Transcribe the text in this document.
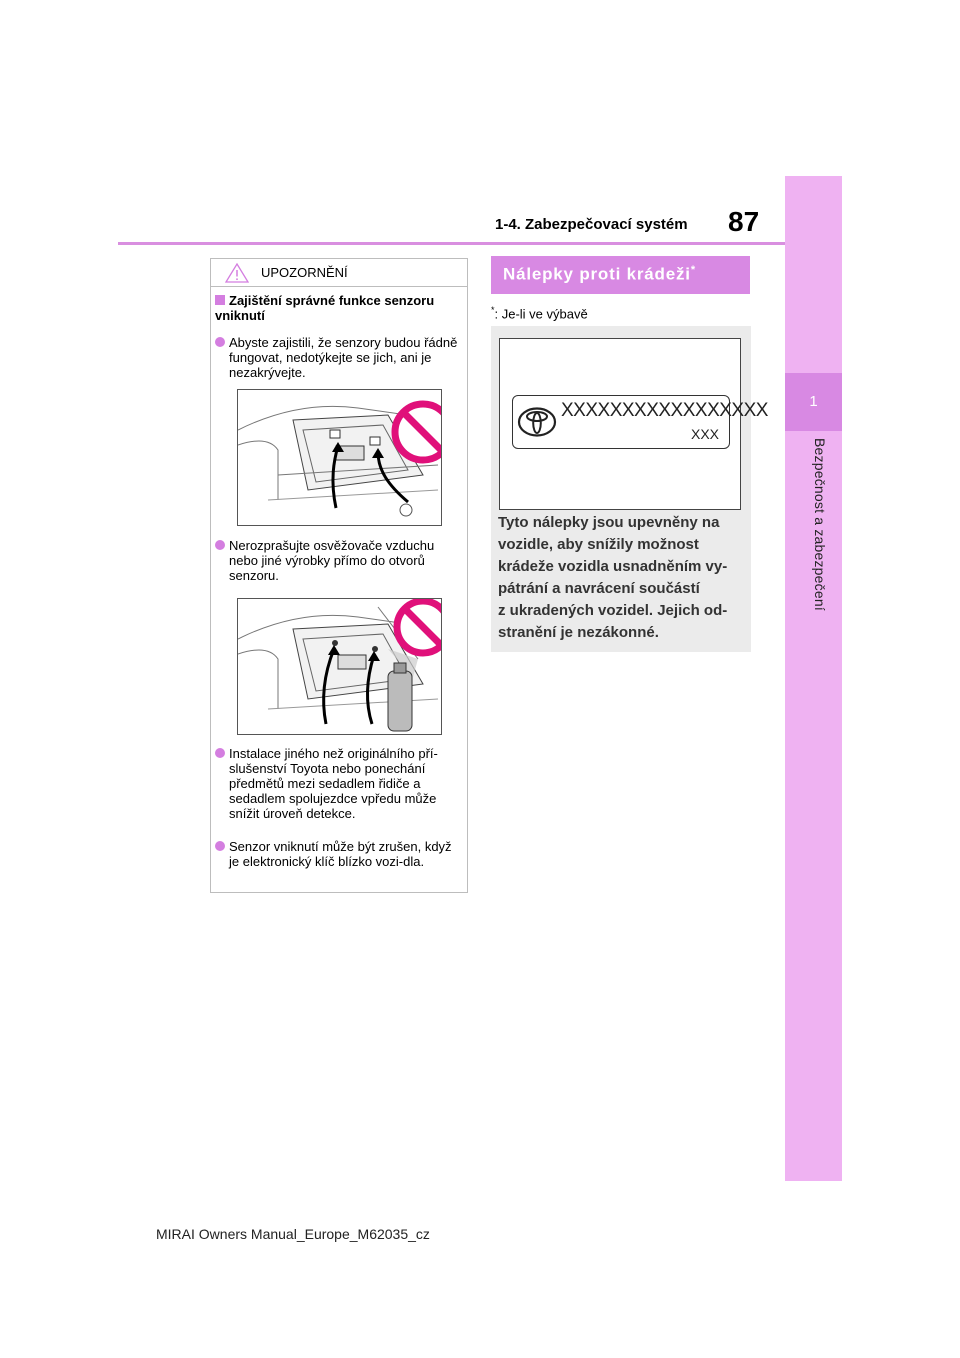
1
Bezpečnost a zabezpečení
1-4. Zabezpečovací systém 87
UPOZORNĚNÍ
Zajištění správné funkce senzoru vniknutí
Abyste zajistili, že senzory budou řádně fungovat, nedotýkejte se jich, ani je nezakrývejte.
Nerozprašujte osvěžovače vzduchu nebo jiné výrobky přímo do otvorů senzoru.
Instalace jiného než originálního pří-slušenství Toyota nebo ponechání předmětů mezi sedadlem řidiče a sedadlem spolujezdce vpředu může snížit úroveň detekce.
Senzor vniknutí může být zrušen, když je elektronický klíč blízko vozi-dla.
Nálepky proti krádeži*
*: Je-li ve výbavě
XXXXXXXXXXXXXXXXX
XXX
Tyto nálepky jsou upevněny na
vozidle, aby snížily možnost
krádeže vozidla usnadněním vy-
pátrání a navrácení součástí
z ukradených vozidel. Jejich od-
stranění je nezákonné.
MIRAI Owners Manual_Europe_M62035_cz
